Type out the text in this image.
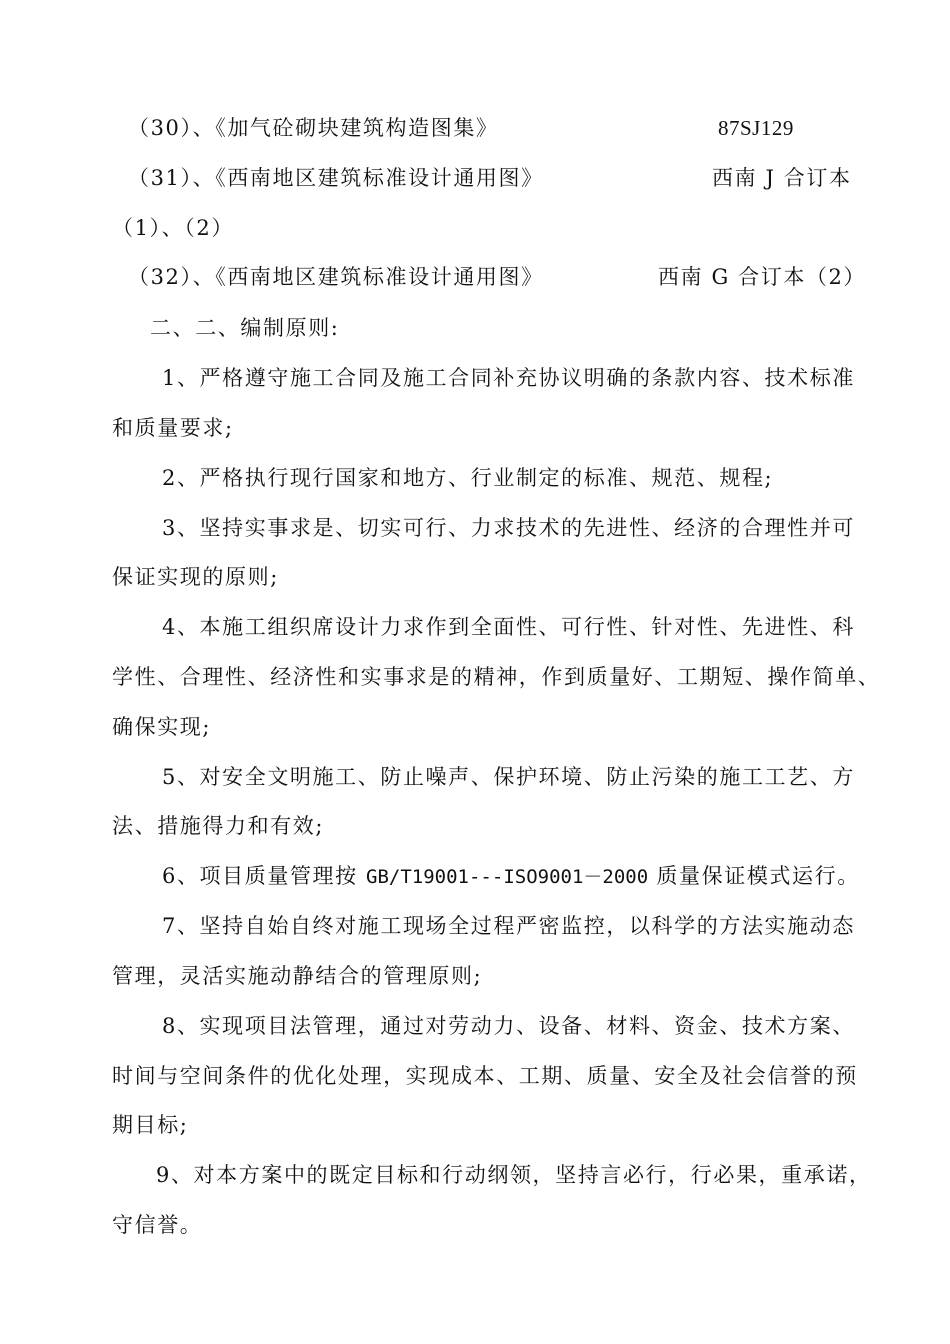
（30）、《加气砼砌块建筑构造图集》	87SJ129
（31）、《西南地区建筑标准设计通用图》	西南 J 合订本
（1）、（2）
（32）、《西南地区建筑标准设计通用图》	西南 G 合订本（2）
二、二、编制原则:
1、严格遵守施工合同及施工合同补充协议明确的条款内容、技术标准
和质量要求;
2、严格执行现行国家和地方、行业制定的标准、规范、规程;
3、坚持实事求是、切实可行、力求技术的先进性、经济的合理性并可
保证实现的原则;
4、本施工组织席设计力求作到全面性、可行性、针对性、先进性、科
学性、合理性、经济性和实事求是的精神，作到质量好、工期短、操作简单、
确保实现;
5、对安全文明施工、防止噪声、保护环境、防止污染的施工工艺、方
法、措施得力和有效;
6、项目质量管理按 GB/T19001---ISO9001－2000 质量保证模式运行。
7、坚持自始自终对施工现场全过程严密监控，以科学的方法实施动态
管理，灵活实施动静结合的管理原则;
8、实现项目法管理，通过对劳动力、设备、材料、资金、技术方案、
时间与空间条件的优化处理，实现成本、工期、质量、安全及社会信誉的预
期目标;
9、对本方案中的既定目标和行动纲领，坚持言必行，行必果，重承诺，
守信誉。
